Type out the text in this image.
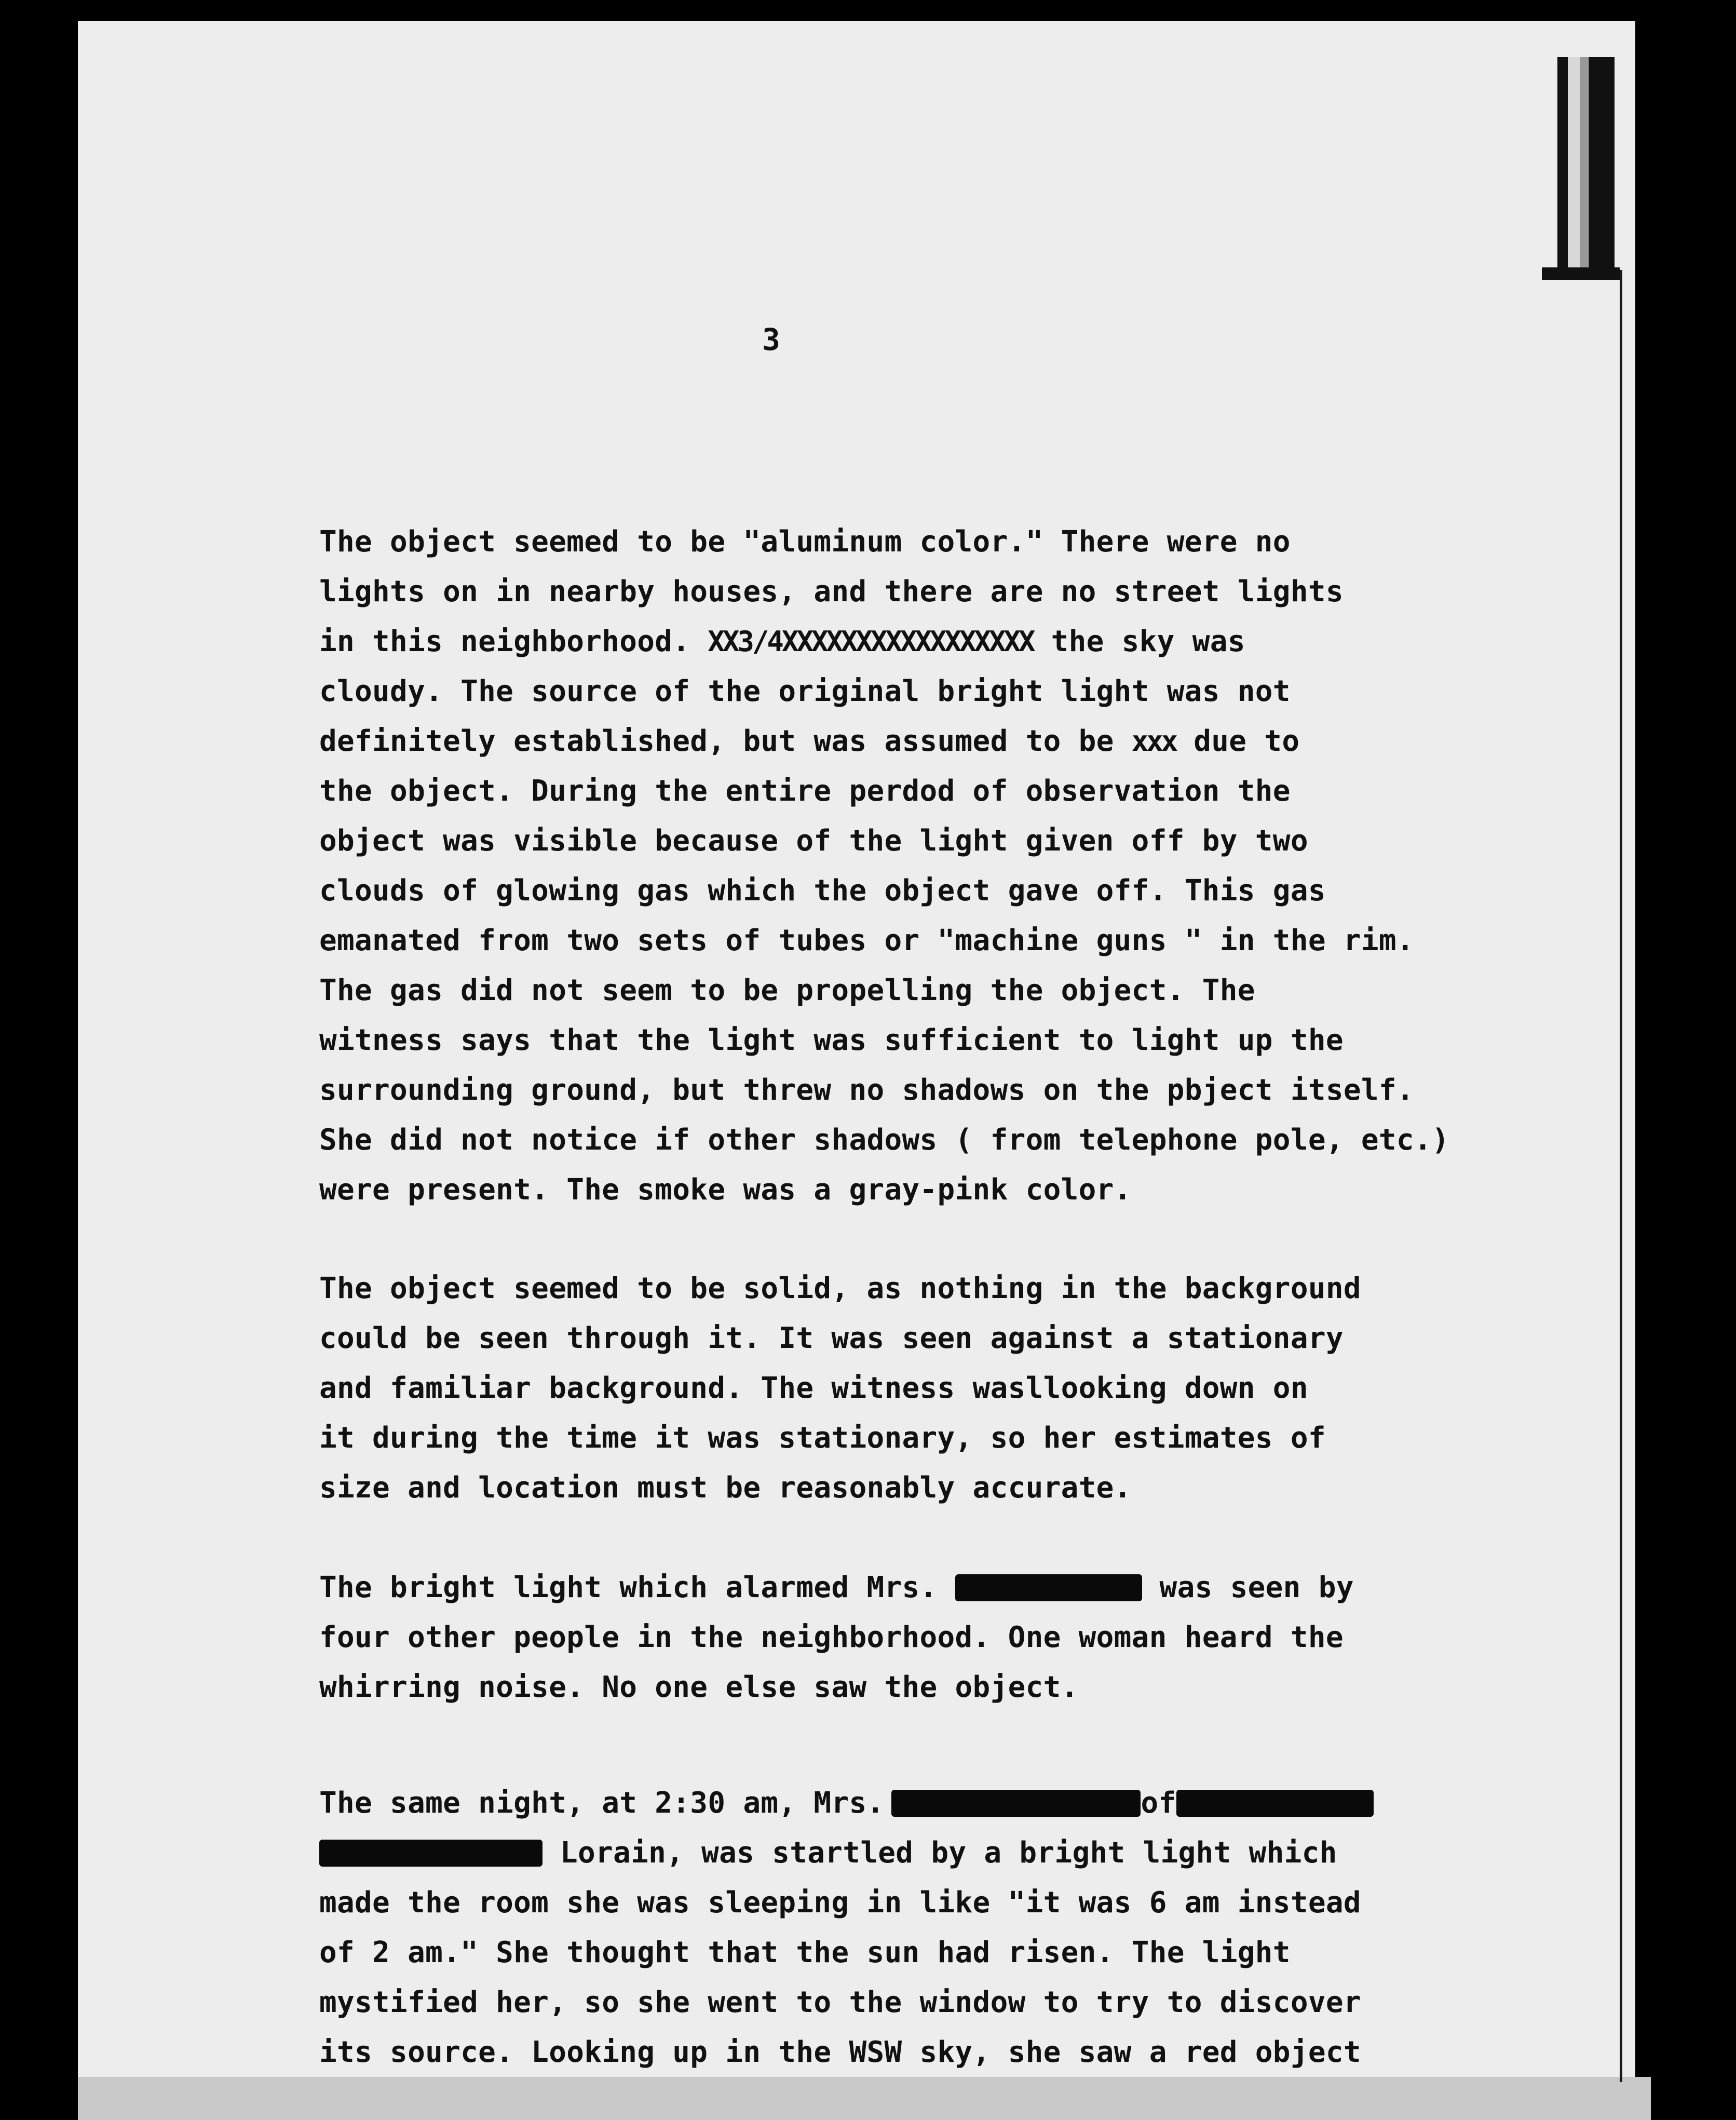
3

The object seemed to be "aluminum color." There were no
lights on in nearby houses, and there are no street lights
in this neighborhood. XX3/4XXXXXXXXXXXXXXXXX the sky was
cloudy. The source of the original bright light was not
definitely established, but was assumed to be xxx due to
the object. During the entire perdod of observation the
object was visible because of the light given off by two
clouds of glowing gas which the object gave off. This gas
emanated from two sets of tubes or "machine guns " in the rim.
The gas did not seem to be propelling the object. The
witness says that the light was sufficient to light up the
surrounding ground, but threw no shadows on the pbject itself.
She did not notice if other shadows ( from telephone pole, etc.)
were present. The smoke was a gray-pink color.

The object seemed to be solid, as nothing in the background
could be seen through it. It was seen against a stationary
and familiar background. The witness wasllooking down on
it during the time it was stationary, so her estimates of
size and location must be reasonably accurate.

The bright light which alarmed Mrs.	was seen by
four other people in the neighborhood. One woman heard the
whirring noise. No one else saw the object.

The same night, at 2:30 am, Mrs.	of
Lorain, was startled by a bright light which
made the room she was sleeping in like "it was 6 am instead
of 2 am." She thought that the sun had risen. The light
mystified her, so she went to the window to try to discover
its source. Looking up in the WSW sky, she saw a red object
